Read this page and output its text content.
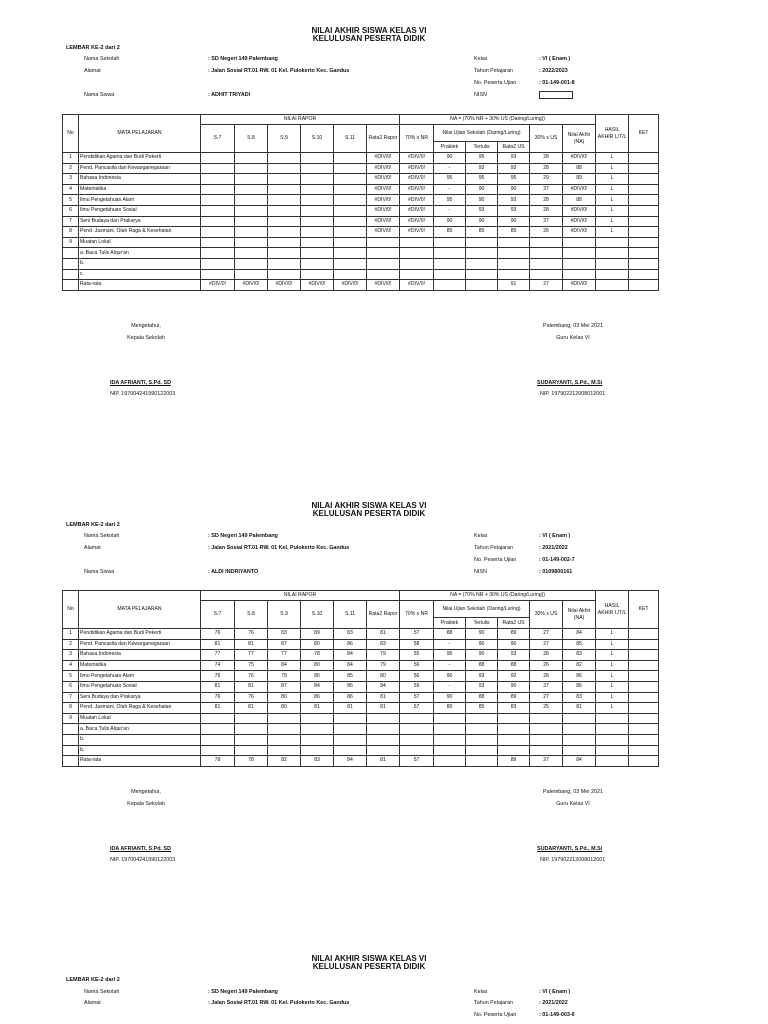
NILAI AKHIR SISWA KELAS VI
KELULUSAN PESERTA DIDIK
LEMBAR KE-2 dari 2
Nama Sekolah	: SD Negeri 149 Palembang	Kelas	: VI ( Enam )
Alamat	: Jalan Sosial RT.01 RW. 01 Kel. Pulokerto Kec. Gandus	Tahun Pelajaran	: 2022/2023
No. Peserta Ujian	: 01-149-001-8
Nama Siswa	: ADHIT TRIYADI	NISN
No	MATA PELAJARAN	NILAI RAPOR						NA = (70% NR + 30% US (Daring/Luring))						HASIL AKHIR L/T/L	KET
		S.7	S.8	S.9	S.10	S.11	Rata2 Rapor	70% x NR	Nilai Ujian Sekolah (Daring/Luring)			30% x US	Nilai Akhir (NA)		
									Praktek	Tertulis	Rata2 US				
1	Pendidikan Agama dan Budi Pekerti						#DIV/0!	#DIV/0!	90	95	93	28	#DIV/0!	L	
2	Pend. Pancasila dan Kewarganegaraan						#DIV/0!	#DIV/0!	-	93	93	28	88	L	
3	Bahasa Indonesia						#DIV/0!	#DIV/0!	95	95	95	29	89	L	
4	Matematika						#DIV/0!	#DIV/0!	-	90	90	27	#DIV/0!	L	
5	Ilmu Pengetahuan Alam						#DIV/0!	#DIV/0!	95	90	93	28	88	L	
6	Ilmu Pengetahuan Sosial						#DIV/0!	#DIV/0!	-	93	93	28	#DIV/0!	L	
7	Seni Budaya dan Prakarya						#DIV/0!	#DIV/0!	90	90	90	27	#DIV/0!	L	
8	Pend. Jasmani, Olah Raga & Kesehatan						#DIV/0!	#DIV/0!	85	85	85	26	#DIV/0!	L	
9	Muatan Lokal														
	a. Baca Tulis Alqur'an														
	b.														
	c.														
	Rata-rata	#DIV/0!	#DIV/0!	#DIV/0!	#DIV/0!	#DIV/0!	#DIV/0!	#DIV/0!			91	27	#DIV/0!		
Mengetahui,
Kepala Sekolah
Palembang, 03 Mei 2021
Guru Kelas VI
IDA AFRIANTI, S.Pd. SD
NIP. 197004241990122003
SUDARYANTI, S.Pd., M.Si
NIP. 197902212008012001
NILAI AKHIR SISWA KELAS VI
KELULUSAN PESERTA DIDIK
LEMBAR KE-2 dari 2
Nama Sekolah	: SD Negeri 149 Palembang	Kelas	: VI ( Enam )
Alamat	: Jalan Sosial RT.01 RW. 01 Kel. Pulokerto Kec. Gandus	Tahun Pelajaran	: 2021/2022
No. Peserta Ujian	: 01-149-002-7
Nama Siswa	: ALDI INDRIYANTO	NISN	: 0109800161
No	MATA PELAJARAN	NILAI RAPOR						NA = (70% NR + 30% US (Daring/Luring))						HASIL AKHIR L/T/L	KET
		S.7	S.8	S.9	S.10	S.11	Rata2 Rapor	70% x NR	Nilai Ujian Sekolah (Daring/Luring)			30% x US	Nilai Akhir (NA)		
									Praktek	Tertulis	Rata2 US				
1	Pendidikan Agama dan Budi Pekerti	76	76	83	89	83	81	57	88	90	89	27	84	L	
2	Pend. Pancasila dan Kewarganegaraan	81	81	87	80	86	83	58	-	90	90	27	85	L	
3	Bahasa Indonesia	77	77	77	78	84	79	55	95	90	93	28	83	L	
4	Matematika	74	75	84	80	84	79	56	-	88	88	26	82	L	
5	Ilmu Pengetahuan Alam	76	76	79	86	85	80	56	90	93	92	28	86	L	
6	Ilmu Pengetahuan Sosial	81	81	87	84	86	84	59	-	93	90	27	86	L	
7	Seni Budaya dan Prakarya	76	76	80	86	86	81	57	90	88	89	27	83	L	
8	Pend. Jasmani, Olah Raga & Kesehatan	81	81	80	81	81	81	57	80	85	83	25	81	L	
9	Muatan Lokal														
	a. Baca Tulis Alqur'an														
	b.														
	b.														
	Rata-rata	78	78	82	83	84	81	57			89	27	84		
Mengetahui,
Kepala Sekolah
Palembang, 03 Mei 2021
Guru Kelas VI
IDA AFRIANTI, S.Pd. SD
NIP. 197004241990122003
SUDARYANTI, S.Pd., M.Si
NIP. 197902212008012001
NILAI AKHIR SISWA KELAS VI
KELULUSAN PESERTA DIDIK
LEMBAR KE-2 dari 2
Nama Sekolah	: SD Negeri 149 Palembang	Kelas	: VI ( Enam )
Alamat	: Jalan Sosial RT.01 RW. 01 Kel. Pulokerto Kec. Gandus	Tahun Pelajaran	: 2021/2022
No. Peserta Ujian	: 01-149-003-6
